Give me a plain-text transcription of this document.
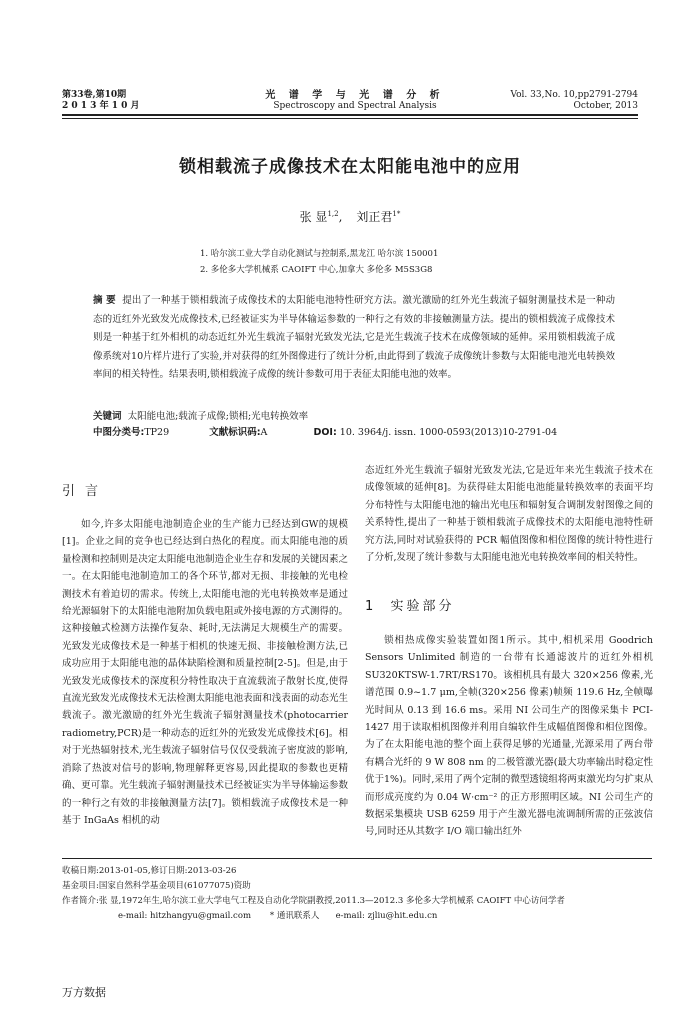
第33卷,第10期
2 0 1 3 年 1 0 月
光 谱 学 与 光 谱 分 析
Spectroscopy and Spectral Analysis
Vol. 33,No. 10,pp2791-2794
October, 2013
锁相载流子成像技术在太阳能电池中的应用
张 显$^{1,2}$, 刘正君$^{1*}$
1. 哈尔滨工业大学自动化测试与控制系,黑龙江 哈尔滨 150001
2. 多伦多大学机械系 CAOIFT 中心,加拿大 多伦多 M5S3G8
摘 要 提出了一种基于锁相载流子成像技术的太阳能电池特性研究方法。激光激励的红外光生载流子辐射测量技术是一种动态的近红外光致发光成像技术,已经被证实为半导体输运参数的一种行之有效的非接触测量方法。提出的锁相载流子成像技术则是一种基于红外相机的动态近红外光生载流子辐射光致发光法,它是光生载流子技术在成像领域的延伸。采用锁相载流子成像系统对10片样片进行了实验,并对获得的红外图像进行了统计分析,由此得到了载流子成像统计参数与太阳能电池光电转换效率间的相关特性。结果表明,锁相载流子成像的统计参数可用于表征太阳能电池的效率。
关键词 太阳能电池;载流子成像;锁相;光电转换效率
中图分类号:TP29	文献标识码:A	DOI: 10. 3964/j. issn. 1000-0593(2013)10-2791-04
引言
如今,许多太阳能电池制造企业的生产能力已经达到GW的规模[1]。企业之间的竞争也已经达到白热化的程度。而太阳能电池的质量检测和控制则是决定太阳能电池制造企业生存和发展的关键因素之一。在太阳能电池制造加工的各个环节,都对无损、非接触的光电检测技术有着迫切的需求。传统上,太阳能电池的光电转换效率是通过给光源辐射下的太阳能电池附加负载电阻或外接电源的方式测得的。这种接触式检测方法操作复杂、耗时,无法满足大规模生产的需要。光致发光成像技术是一种基于相机的快速无损、非接触检测方法,已成功应用于太阳能电池的晶体缺陷检测和质量控制[2-5]。但是,由于光致发光成像技术的深度积分特性取决于直流载流子散射长度,使得直流光致发光成像技术无法检测太阳能电池表面和浅表面的动态光生载流子。激光激励的红外光生载流子辐射测量技术(photocarrier radiometry,PCR)是一种动态的近红外的光致发光成像技术[6]。相对于光热辐射技术,光生载流子辐射信号仅仅受载流子密度波的影响,消除了热波对信号的影响,物理解释更容易,因此提取的参数也更精确、更可靠。光生载流子辐射测量技术已经被证实为半导体输运参数的一种行之有效的非接触测量方法[7]。锁相载流子成像技术是一种基于 InGaAs 相机的动
态近红外光生载流子辐射光致发光法,它是近年来光生载流子技术在成像领域的延伸[8]。为获得硅太阳能电池能量转换效率的表面平均分布特性与太阳能电池的输出光电压和辐射复合调制发射图像之间的关系特性,提出了一种基于锁相载流子成像技术的太阳能电池特性研究方法,同时对试验获得的 PCR 幅值图像和相位图像的统计特性进行了分析,发现了统计参数与太阳能电池光电转换效率间的相关特性。
1 实验部分
锁相热成像实验装置如图1所示。其中,相机采用 Goodrich Sensors Unlimited 制造的一台带有长通滤波片的近红外相机 SU320KTSW-1.7RT/RS170。该相机具有最大 320×256 像素,光谱范围 0.9~1.7 μm,全帧(320×256 像素)帧频 119.6 Hz,全帧曝光时间从 0.13 到 16.6 ms。采用 NI 公司生产的图像采集卡 PCI-1427 用于读取相机图像并利用自编软件生成幅值图像和相位图像。为了在太阳能电池的整个面上获得足够的光通量,光源采用了两台带有耦合光纤的 9 W 808 nm 的二极管激光器(最大功率输出时稳定性优于1%)。同时,采用了两个定制的微型透镜组将两束激光均匀扩束从而形成亮度约为 0.04 W·cm⁻² 的正方形照明区域。NI 公司生产的数据采集模块 USB 6259 用于产生激光器电流调制所需的正弦波信号,同时还从其数字 I/O 端口输出红外
收稿日期:2013-01-05,修订日期:2013-03-26
基金项目:国家自然科学基金项目(61077075)资助
作者简介:张 显,1972年生,哈尔滨工业大学电气工程及自动化学院副教授,2011.3—2012.3 多伦多大学机械系 CAOIFT 中心访问学者
e-mail: hitzhangyu@gmail.com * 通讯联系人 e-mail: zjliu@hit.edu.cn
万方数据
